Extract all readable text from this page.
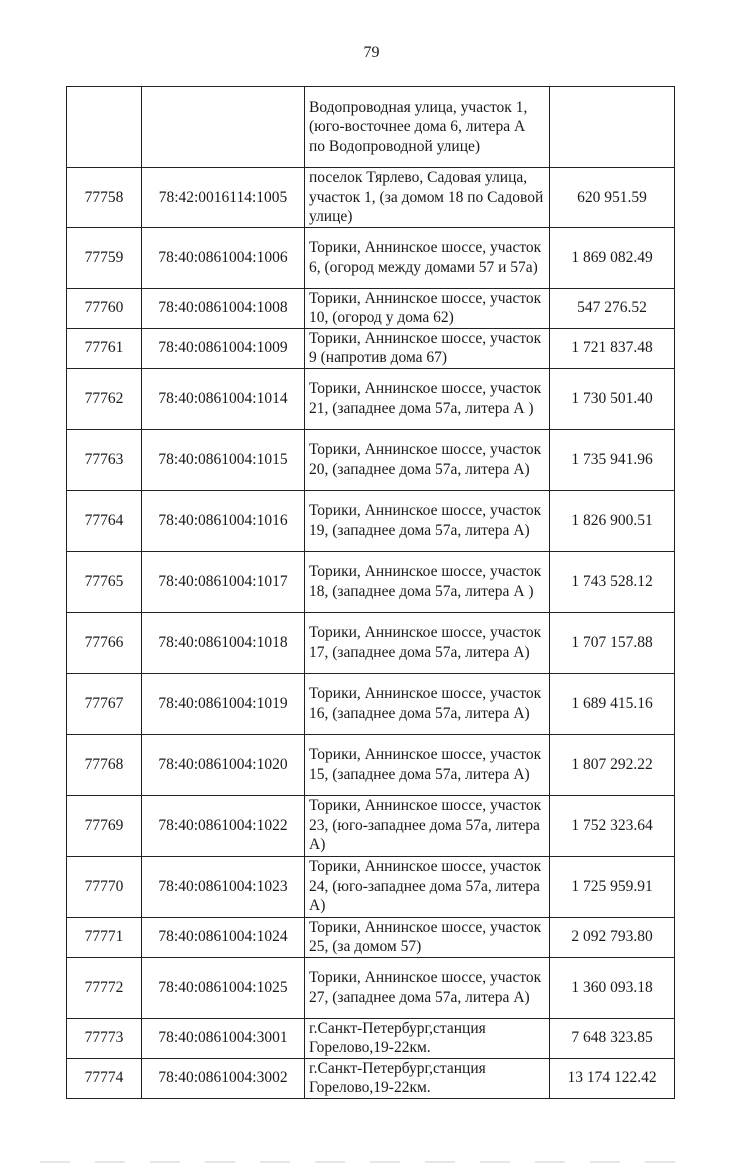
79
		Водопроводная улица, участок 1, (юго-восточнее дома 6, литера А по Водопроводной улице)	
77758	78:42:0016114:1005	поселок Тярлево, Садовая улица, участок 1, (за домом 18 по Садовой улице)	620 951.59
77759	78:40:0861004:1006	Торики, Аннинское шоссе, участок 6, (огород между домами 57 и 57а)	1 869 082.49
77760	78:40:0861004:1008	Торики, Аннинское шоссе, участок 10, (огород у дома 62)	547 276.52
77761	78:40:0861004:1009	Торики, Аннинское шоссе, участок 9 (напротив дома 67)	1 721 837.48
77762	78:40:0861004:1014	Торики, Аннинское шоссе, участок 21, (западнее дома 57а, литера А )	1 730 501.40
77763	78:40:0861004:1015	Торики, Аннинское шоссе, участок 20, (западнее дома 57а, литера А)	1 735 941.96
77764	78:40:0861004:1016	Торики, Аннинское шоссе, участок 19, (западнее дома 57а, литера А)	1 826 900.51
77765	78:40:0861004:1017	Торики, Аннинское шоссе, участок 18, (западнее дома 57а, литера А )	1 743 528.12
77766	78:40:0861004:1018	Торики, Аннинское шоссе, участок 17, (западнее дома 57а, литера А)	1 707 157.88
77767	78:40:0861004:1019	Торики, Аннинское шоссе, участок 16, (западнее дома 57а, литера А)	1 689 415.16
77768	78:40:0861004:1020	Торики, Аннинское шоссе, участок 15, (западнее дома 57а, литера А)	1 807 292.22
77769	78:40:0861004:1022	Торики, Аннинское шоссе, участок 23, (юго-западнее дома 57а, литера А)	1 752 323.64
77770	78:40:0861004:1023	Торики, Аннинское шоссе, участок 24, (юго-западнее дома 57а, литера А)	1 725 959.91
77771	78:40:0861004:1024	Торики, Аннинское шоссе, участок 25, (за домом 57)	2 092 793.80
77772	78:40:0861004:1025	Торики, Аннинское шоссе, участок 27, (западнее дома 57а, литера А)	1 360 093.18
77773	78:40:0861004:3001	г.Санкт-Петербург,станция Горелово,19-22км.	7 648 323.85
77774	78:40:0861004:3002	г.Санкт-Петербург,станция Горелово,19-22км.	13 174 122.42
